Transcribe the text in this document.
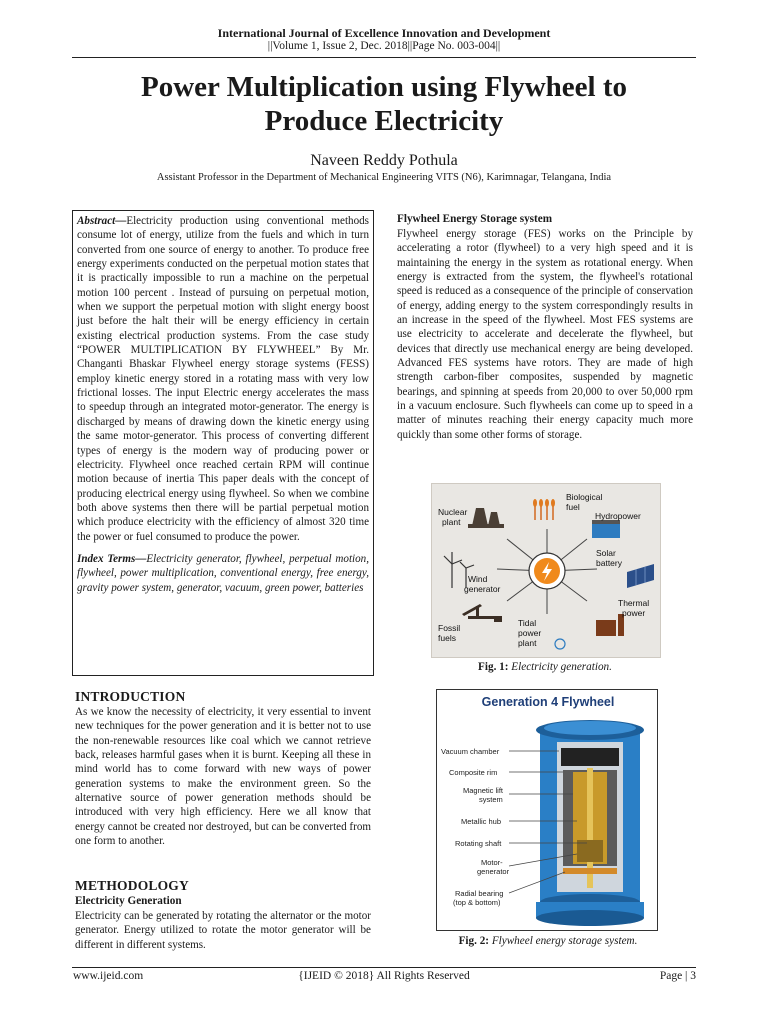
International Journal of Excellence Innovation and Development
||Volume 1, Issue 2, Dec. 2018||Page No. 003-004||
Power Multiplication using Flywheel to
Produce Electricity
Naveen Reddy Pothula
Assistant Professor in the Department of Mechanical Engineering VITS (N6), Karimnagar, Telangana, India

Abstract—Electricity production using conventional methods consume lot of energy, utilize from the fuels and which in turn converted from one source of energy to another. To produce free energy experiments conducted on the perpetual motion states that it is practically impossible to run a machine on the perpetual motion 100 percent . Instead of pursuing on perpetual motion, when we support the perpetual motion with slight energy boost just before the halt their will be energy efficiency in certain existing electrical production systems. From the case study “POWER MULTIPLICATION BY FLYWHEEL” By Mr. Changanti Bhaskar Flywheel energy storage systems (FESS) employ kinetic energy stored in a rotating mass with very low frictional losses. The input Electric energy accelerates the mass to speedup through an integrated motor-generator. The energy is discharged by means of drawing down the kinetic energy using the same motor-generator. This process of converting different types of energy is the modern way of producing power or electricity. Flywheel once reached certain RPM will continue motion because of inertia This paper deals with the concept of producing electrical energy using flywheel. So when we combine both above systems then there will be partial perpetual motion which produce electricity with the efficiency of almost 320 time the power or fuel consumed to produce the power.

Index Terms—Electricity generator, flywheel, perpetual motion, flywheel, power multiplication, conventional energy, free energy, gravity power system, generator, vacuum, green power, batteries

INTRODUCTION
As we know the necessity of electricity, it very essential to invent new techniques for the power generation and it is better not to use the non-renewable resources like coal which we cannot retrieve back, releases harmful gases when it is burnt. Keeping all these in mind world has to come forward with new ways of power generation systems to make the environment green. So the alternative source of power generation methods should be introduced with very high efficiency. Here we all know that energy cannot be created nor destroyed, but can be converted from one form to another.
METHODOLOGY
Electricity Generation
Electricity can be generated by rotating the alternator or the motor generator. Energy utilized to rotate the motor generator will be different in different systems.
Flywheel Energy Storage system
Flywheel energy storage (FES) works on the Principle by accelerating a rotor (flywheel) to a very high speed and it is maintaining the energy in the system as rotational energy. When energy is extracted from the system, the flywheel's rotational speed is reduced as a consequence of the principle of conservation of energy, adding energy to the system correspondingly results in an increase in the speed of the flywheel. Most FES systems are use electricity to accelerate and decelerate the flywheel, but devices that directly use mechanical energy are being developed. Advanced FES systems have rotors. They are made of high strength carbon-fiber composites, suspended by magnetic bearings, and spinning at speeds from 20,000 to over 50,000 rpm in a vacuum enclosure. Such flywheels can come up to speed in a matter of minutes reaching their energy capacity much more quickly than some other forms of storage.
Biological
fuel
Nuclear
plant
Hydropower
Solar
battery
Thermal
power
Tidal
power
plant
Fossil
fuels
Wind
generator
Fig. 1: Electricity generation.
Generation 4 Flywheel
Vacuum chamber
Composite rim
Magnetic lift
system
Metallic hub
Rotating shaft
Motor-
generator
Radial bearing
(top & bottom)
Fig. 2: Flywheel energy storage system.
www.ijeid.com	{IJEID © 2018} All Rights Reserved	Page | 3
